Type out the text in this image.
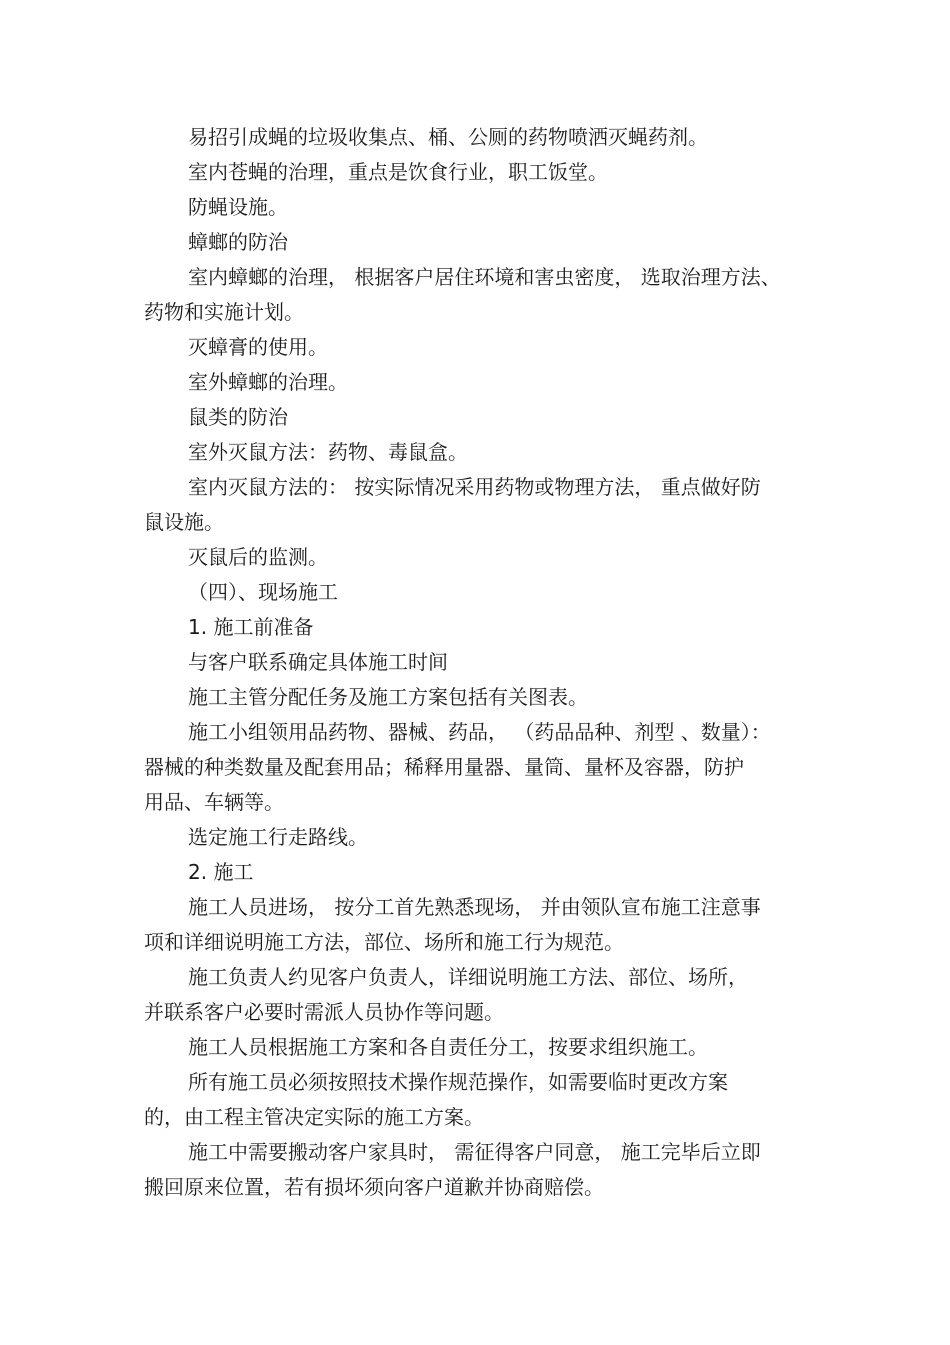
易招引成蝇的垃圾收集点、桶、公厕的药物喷洒灭蝇药剂。

室内苍蝇的治理，重点是饮食行业，职工饭堂。

防蝇设施。

蟑螂的防治

室内蟑螂的治理， 根据客户居住环境和害虫密度， 选取治理方法、
药物和实施计划。

灭蟑膏的使用。

室外蟑螂的治理。

鼠类的防治

室外灭鼠方法：药物、毒鼠盒。

室内灭鼠方法的： 按实际情况采用药物或物理方法， 重点做好防
鼠设施。

灭鼠后的监测。

（四）、现场施工

1. 施工前准备

与客户联系确定具体施工时间

施工主管分配任务及施工方案包括有关图表。

施工小组领用品药物、器械、药品， （药品品种、剂型 、数量）：
器械的种类数量及配套用品；稀释用量器、量筒、量杯及容器，防护
用品、车辆等。

选定施工行走路线。

2. 施工

施工人员进场， 按分工首先熟悉现场， 并由领队宣布施工注意事
项和详细说明施工方法，部位、场所和施工行为规范。

施工负责人约见客户负责人，详细说明施工方法、部位、场所，
并联系客户必要时需派人员协作等问题。

施工人员根据施工方案和各自责任分工，按要求组织施工。

所有施工员必须按照技术操作规范操作，如需要临时更改方案
的，由工程主管决定实际的施工方案。

施工中需要搬动客户家具时， 需征得客户同意， 施工完毕后立即
搬回原来位置，若有损坏须向客户道歉并协商赔偿。
